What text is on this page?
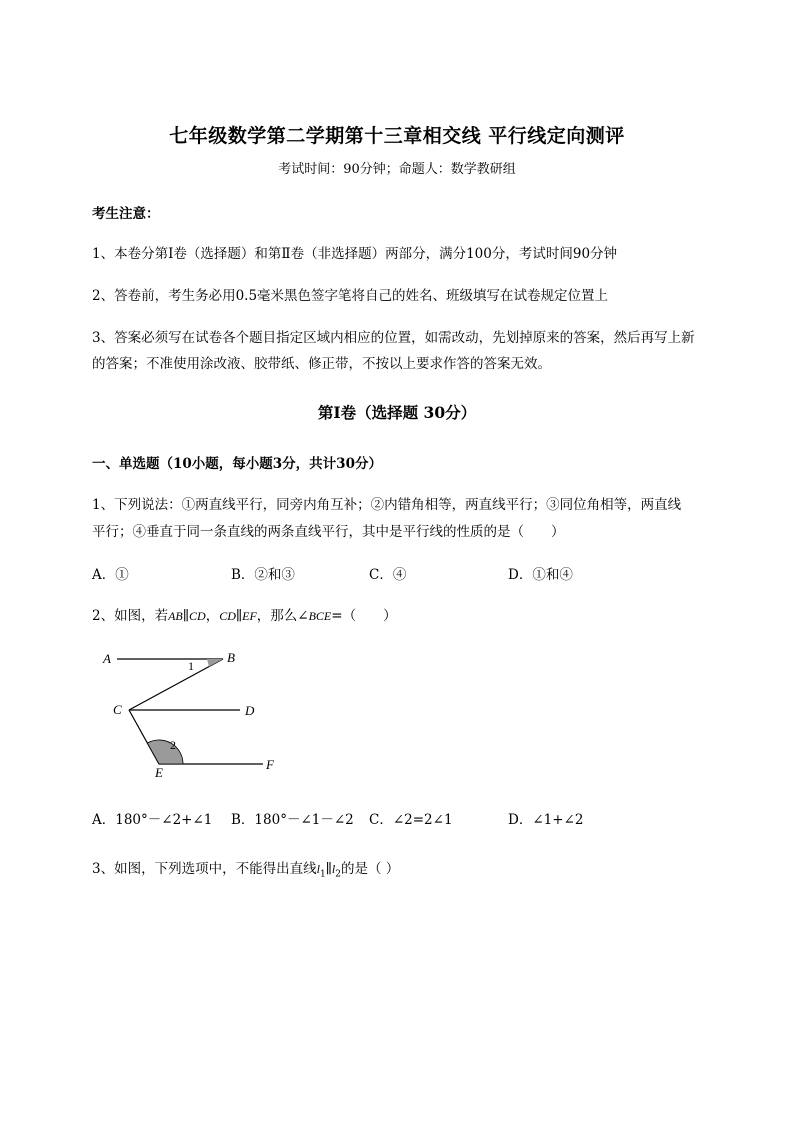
七年级数学第二学期第十三章相交线 平行线定向测评
考试时间：90分钟；命题人：数学教研组
考生注意：
1、本卷分第Ⅰ卷（选择题）和第Ⅱ卷（非选择题）两部分，满分100分，考试时间90分钟
2、答卷前，考生务必用0.5毫米黑色签字笔将自己的姓名、班级填写在试卷规定位置上
3、答案必须写在试卷各个题目指定区域内相应的位置，如需改动，先划掉原来的答案，然后再写上新
的答案；不准使用涂改液、胶带纸、修正带，不按以上要求作答的答案无效。
第Ⅰ卷（选择题 30分）
一、单选题（10小题，每小题3分，共计30分）
1、下列说法：①两直线平行，同旁内角互补；②内错角相等，两直线平行；③同位角相等，两直线
平行；④垂直于同一条直线的两条直线平行，其中是平行线的性质的是（　　）
A．①	B．②和③	C．④	D．①和④
2、如图，若AB∥CD，CD∥EF，那么∠BCE=（　　）
A	B
C	D
E
F
1
2
A．180°－∠2+∠1 B．180°－∠1－∠2 C．∠2=2∠1	D．∠1+∠2
3、如图，下列选项中，不能得出直线$l_1\parallel l_2$的是（ ）
